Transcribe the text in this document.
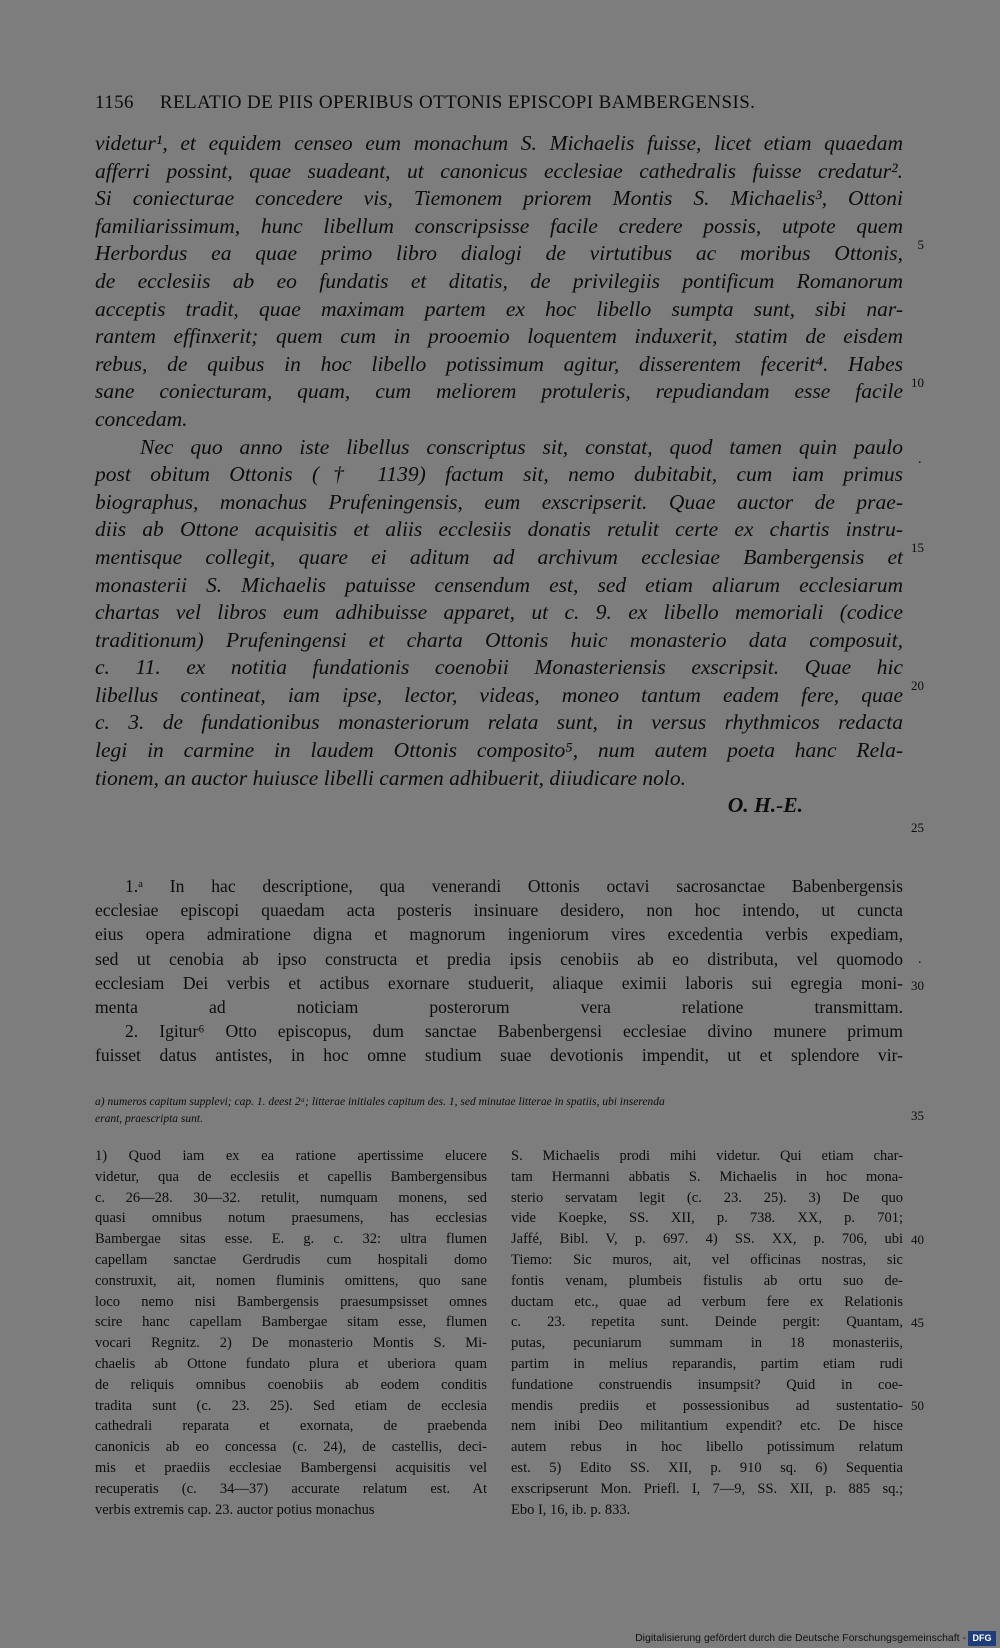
1156 RELATIO DE PIIS OPERIBUS OTTONIS EPISCOPI BAMBERGENSIS.

videtur¹, et equidem censeo eum monachum S. Michaelis fuisse, licet etiam quaedam

afferri possint, quae suadeant, ut canonicus ecclesiae cathedralis fuisse credatur².

Si coniecturae concedere vis, Tiemonem priorem Montis S. Michaelis³, Ottoni

familiarissimum, hunc libellum conscripsisse facile credere possis, utpote quem

Herbordus ea quae primo libro dialogi de virtutibus ac moribus Ottonis,

de ecclesiis ab eo fundatis et ditatis, de privilegiis pontificum Romanorum

acceptis tradit, quae maximam partem ex hoc libello sumpta sunt, sibi nar-

rantem effinxerit; quem cum in prooemio loquentem induxerit, statim de eisdem

rebus, de quibus in hoc libello potissimum agitur, disserentem fecerit⁴. Habes

sane coniecturam, quam, cum meliorem protuleris, repudiandam esse facile

concedam.

Nec quo anno iste libellus conscriptus sit, constat, quod tamen quin paulo

post obitum Ottonis († 1139) factum sit, nemo dubitabit, cum iam primus

biographus, monachus Prufeningensis, eum exscripserit. Quae auctor de prae-

diis ab Ottone acquisitis et aliis ecclesiis donatis retulit certe ex chartis instru-

mentisque collegit, quare ei aditum ad archivum ecclesiae Bambergensis et

monasterii S. Michaelis patuisse censendum est, sed etiam aliarum ecclesiarum

chartas vel libros eum adhibuisse apparet, ut c. 9. ex libello memoriali (codice

traditionum) Prufeningensi et charta Ottonis huic monasterio data composuit,

c. 11. ex notitia fundationis coenobii Monasteriensis exscripsit. Quae hic

libellus contineat, iam ipse, lector, videas, moneo tantum eadem fere, quae

c. 3. de fundationibus monasteriorum relata sunt, in versus rhythmicos redacta

legi in carmine in laudem Ottonis composito⁵, num autem poeta hanc Rela-

tionem, an auctor huiusce libelli carmen adhibuerit, diiudicare nolo.

O. H.-E.

1.ᵃ In hac descriptione, qua venerandi Ottonis octavi sacrosanctae Babenbergensis

ecclesiae episcopi quaedam acta posteris insinuare desidero, non hoc intendo, ut cuncta

eius opera admiratione digna et magnorum ingeniorum vires excedentia verbis expediam,

sed ut cenobia ab ipso constructa et predia ipsis cenobiis ab eo distributa, vel quomodo

ecclesiam Dei verbis et actibus exornare studuerit, aliaque eximii laboris sui egregia moni-

menta ad noticiam posterorum vera relatione transmittam.

2. Igitur⁶ Otto episcopus, dum sanctae Babenbergensi ecclesiae divino munere primum

fuisset datus antistes, in hoc omne studium suae devotionis impendit, ut et splendore vir-

a) numeros capitum supplevi; cap. 1. deest 2ᵃ; litterae initiales capitum des. 1, sed minutae litterae in spatiis, ubi inserenda
erant, praescripta sunt.
1) Quod iam ex ea ratione apertissime elucere
videtur, qua de ecclesiis et capellis Bambergensibus
c. 26—28. 30—32. retulit, numquam monens, sed
quasi omnibus notum praesumens, has ecclesias
Bambergae sitas esse. E. g. c. 32: ultra flumen
capellam sanctae Gerdrudis cum hospitali domo
construxit, ait, nomen fluminis omittens, quo sane
loco nemo nisi Bambergensis praesumpsisset omnes
scire hanc capellam Bambergae sitam esse, flumen
vocari Regnitz. 2) De monasterio Montis S. Mi-
chaelis ab Ottone fundato plura et uberiora quam
de reliquis omnibus coenobiis ab eodem conditis
tradita sunt (c. 23. 25). Sed etiam de ecclesia
cathedrali reparata et exornata, de praebenda
canonicis ab eo concessa (c. 24), de castellis, deci-
mis et praediis ecclesiae Bambergensi acquisitis vel
recuperatis (c. 34—37) accurate relatum est. At
verbis extremis cap. 23. auctor potius monachus
S. Michaelis prodi mihi videtur. Qui etiam char-
tam Hermanni abbatis S. Michaelis in hoc mona-
sterio servatam legit (c. 23. 25). 3) De quo
vide Koepke, SS. XII, p. 738. XX, p. 701;
Jaffé, Bibl. V, p. 697. 4) SS. XX, p. 706, ubi
Tiemo: Sic muros, ait, vel officinas nostras, sic
fontis venam, plumbeis fistulis ab ortu suo de-
ductam etc., quae ad verbum fere ex Relationis
c. 23. repetita sunt. Deinde pergit: Quantam,
putas, pecuniarum summam in 18 monasteriis,
partim in melius reparandis, partim etiam rudi
fundatione construendis insumpsit? Quid in coe-
mendis prediis et possessionibus ad sustentatio-
nem inibi Deo militantium expendit? etc. De hisce
autem rebus in hoc libello potissimum relatum
est. 5) Edito SS. XII, p. 910 sq. 6) Sequentia
exscripserunt Mon. Priefl. I, 7—9, SS. XII, p. 885 sq.;
Ebo I, 16, ib. p. 833.
5
10
15
20
25
30
35
40
45
50
.
.
Digitalisierung gefördert durch die Deutsche Forschungsgemeinschaft - DFG
